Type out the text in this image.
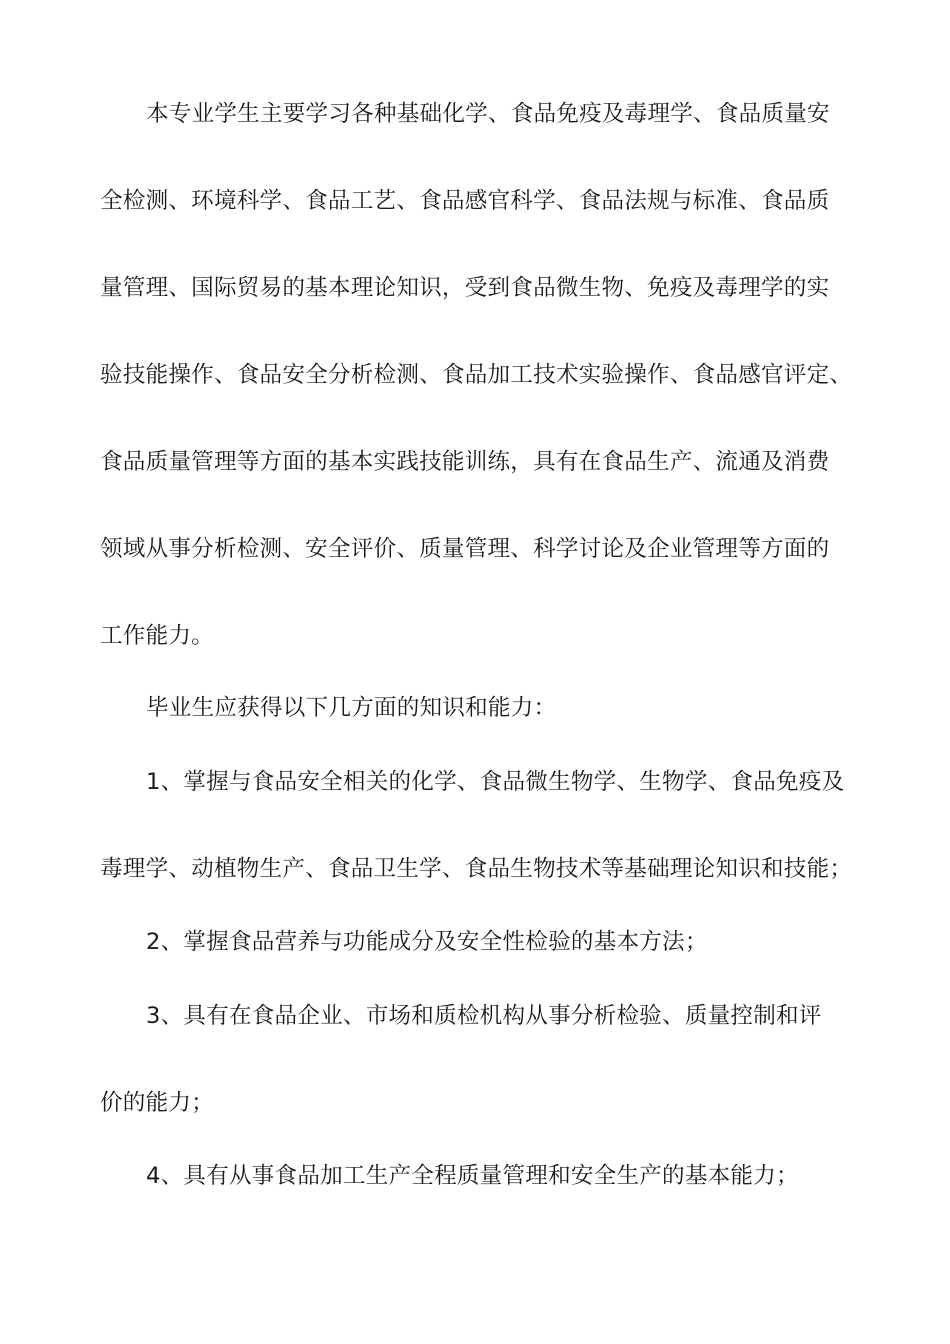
本专业学生主要学习各种基础化学、食品免疫及毒理学、食品质量安
全检测、环境科学、食品工艺、食品感官科学、食品法规与标准、食品质
量管理、国际贸易的基本理论知识，受到食品微生物、免疫及毒理学的实
验技能操作、食品安全分析检测、食品加工技术实验操作、食品感官评定、
食品质量管理等方面的基本实践技能训练，具有在食品生产、流通及消费
领域从事分析检测、安全评价、质量管理、科学讨论及企业管理等方面的
工作能力。
毕业生应获得以下几方面的知识和能力：
1、掌握与食品安全相关的化学、食品微生物学、生物学、食品免疫及
毒理学、动植物生产、食品卫生学、食品生物技术等基础理论知识和技能；
2、掌握食品营养与功能成分及安全性检验的基本方法；
3、具有在食品企业、市场和质检机构从事分析检验、质量控制和评
价的能力；
4、具有从事食品加工生产全程质量管理和安全生产的基本能力；
